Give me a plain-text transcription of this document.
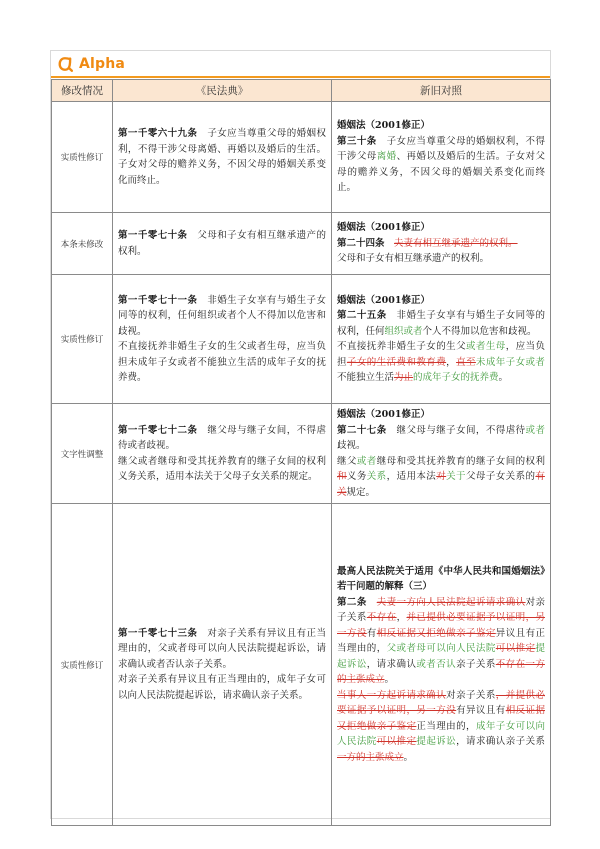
Alpha
修改情况	《民法典》	新旧对照
实质性修订	第一千零六十九条　子女应当尊重父母的婚姻权利，不得干涉父母离婚、再婚以及婚后的生活。子女对父母的赡养义务，不因父母的婚姻关系变化而终止。	婚姻法（2001修正）
第三十条　子女应当尊重父母的婚姻权利，不得干涉父母离婚、再婚以及婚后的生活。子女对父母的赡养义务，不因父母的婚姻关系变化而终止。
本条未修改	第一千零七十条　父母和子女有相互继承遗产的权利。	婚姻法（2001修正）
第二十四条　 夫妻有相互继承遗产的权利。
父母和子女有相互继承遗产的权利。
实质性修订	第一千零七十一条　非婚生子女享有与婚生子女同等的权利，任何组织或者个人不得加以危害和歧视。
不直接抚养非婚生子女的生父或者生母，应当负担未成年子女或者不能独立生活的成年子女的抚养费。	婚姻法（2001修正）
第二十五条　非婚生子女享有与婚生子女同等的权利，任何组织或者个人不得加以危害和歧视。
不直接抚养非婚生子女的生父或者生母，应当负担子女的生活费和教育费，直至未成年子女或者不能独立生活为止的成年子女的抚养费。
文字性调整	第一千零七十二条　继父母与继子女间，不得虐待或者歧视。
继父或者继母和受其抚养教育的继子女间的权利义务关系，适用本法关于父母子女关系的规定。	婚姻法（2001修正）
第二十七条　继父母与继子女间，不得虐待或者歧视。
继父或者继母和受其抚养教育的继子女间的权利和义务关系，适用本法对关于父母子女关系的有关规定。
实质性修订	第一千零七十三条　对亲子关系有异议且有正当理由的，父或者母可以向人民法院提起诉讼，请求确认或者否认亲子关系。
对亲子关系有异议且有正当理由的，成年子女可以向人民法院提起诉讼，请求确认亲子关系。	最高人民法院关于适用《中华人民共和国婚姻法》若干问题的解释（三）
第二条　 夫妻一方向人民法院起诉请求确认对亲子关系不存在，并已提供必要证据予以证明，另一方没有相反证据又拒绝做亲子鉴定异议且有正当理由的，父或者母可以向人民法院可以推定提起诉讼，请求确认或者否认亲子关系不存在一方的主张成立。
当事人一方起诉请求确认对亲子关系，并提供必要证据予以证明，另一方没有异议且有相反证据又拒绝做亲子鉴定正当理由的，成年子女可以向人民法院可以推定提起诉讼，请求确认亲子关系一方的主张成立。
